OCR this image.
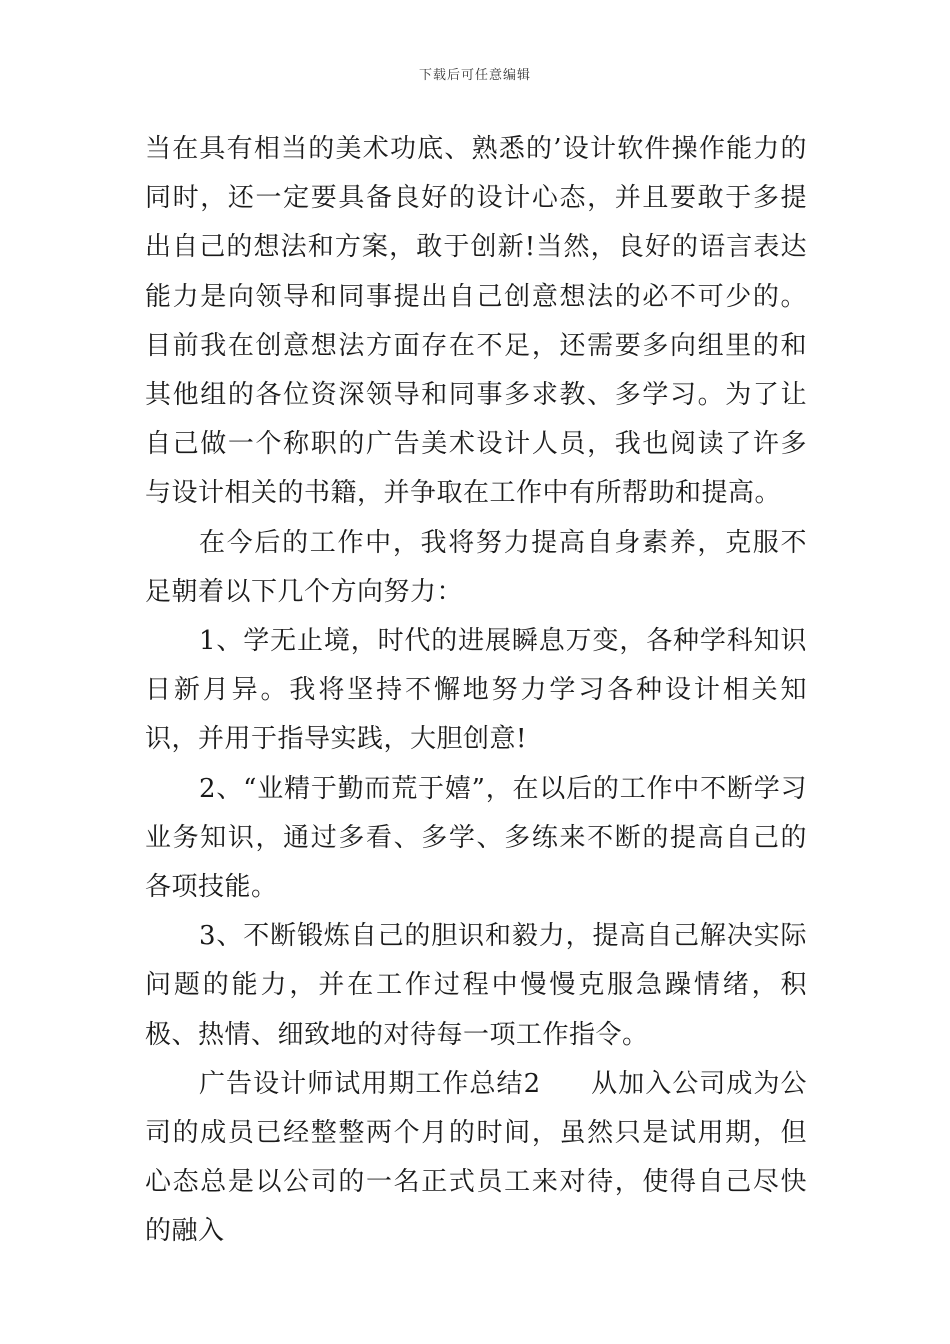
下载后可任意编辑

当在具有相当的美术功底、熟悉的’设计软件操作能力的同时，还一定要具备良好的设计心态，并且要敢于多提出自己的想法和方案，敢于创新!当然，良好的语言表达能力是向领导和同事提出自己创意想法的必不可少的。目前我在创意想法方面存在不足，还需要多向组里的和其他组的各位资深领导和同事多求教、多学习。为了让自己做一个称职的广告美术设计人员，我也阅读了许多与设计相关的书籍，并争取在工作中有所帮助和提高。

在今后的工作中，我将努力提高自身素养，克服不足朝着以下几个方向努力：

1、学无止境，时代的进展瞬息万变，各种学科知识日新月异。我将坚持不懈地努力学习各种设计相关知识，并用于指导实践，大胆创意!

2、“业精于勤而荒于嬉”，在以后的工作中不断学习业务知识，通过多看、多学、多练来不断的提高自己的各项技能。

3、不断锻炼自己的胆识和毅力，提高自己解决实际问题的能力，并在工作过程中慢慢克服急躁情绪，积极、热情、细致地的对待每一项工作指令。

广告设计师试用期工作总结2 从加入公司成为公司的成员已经整整两个月的时间，虽然只是试用期，但心态总是以公司的一名正式员工来对待，使得自己尽快的融入
